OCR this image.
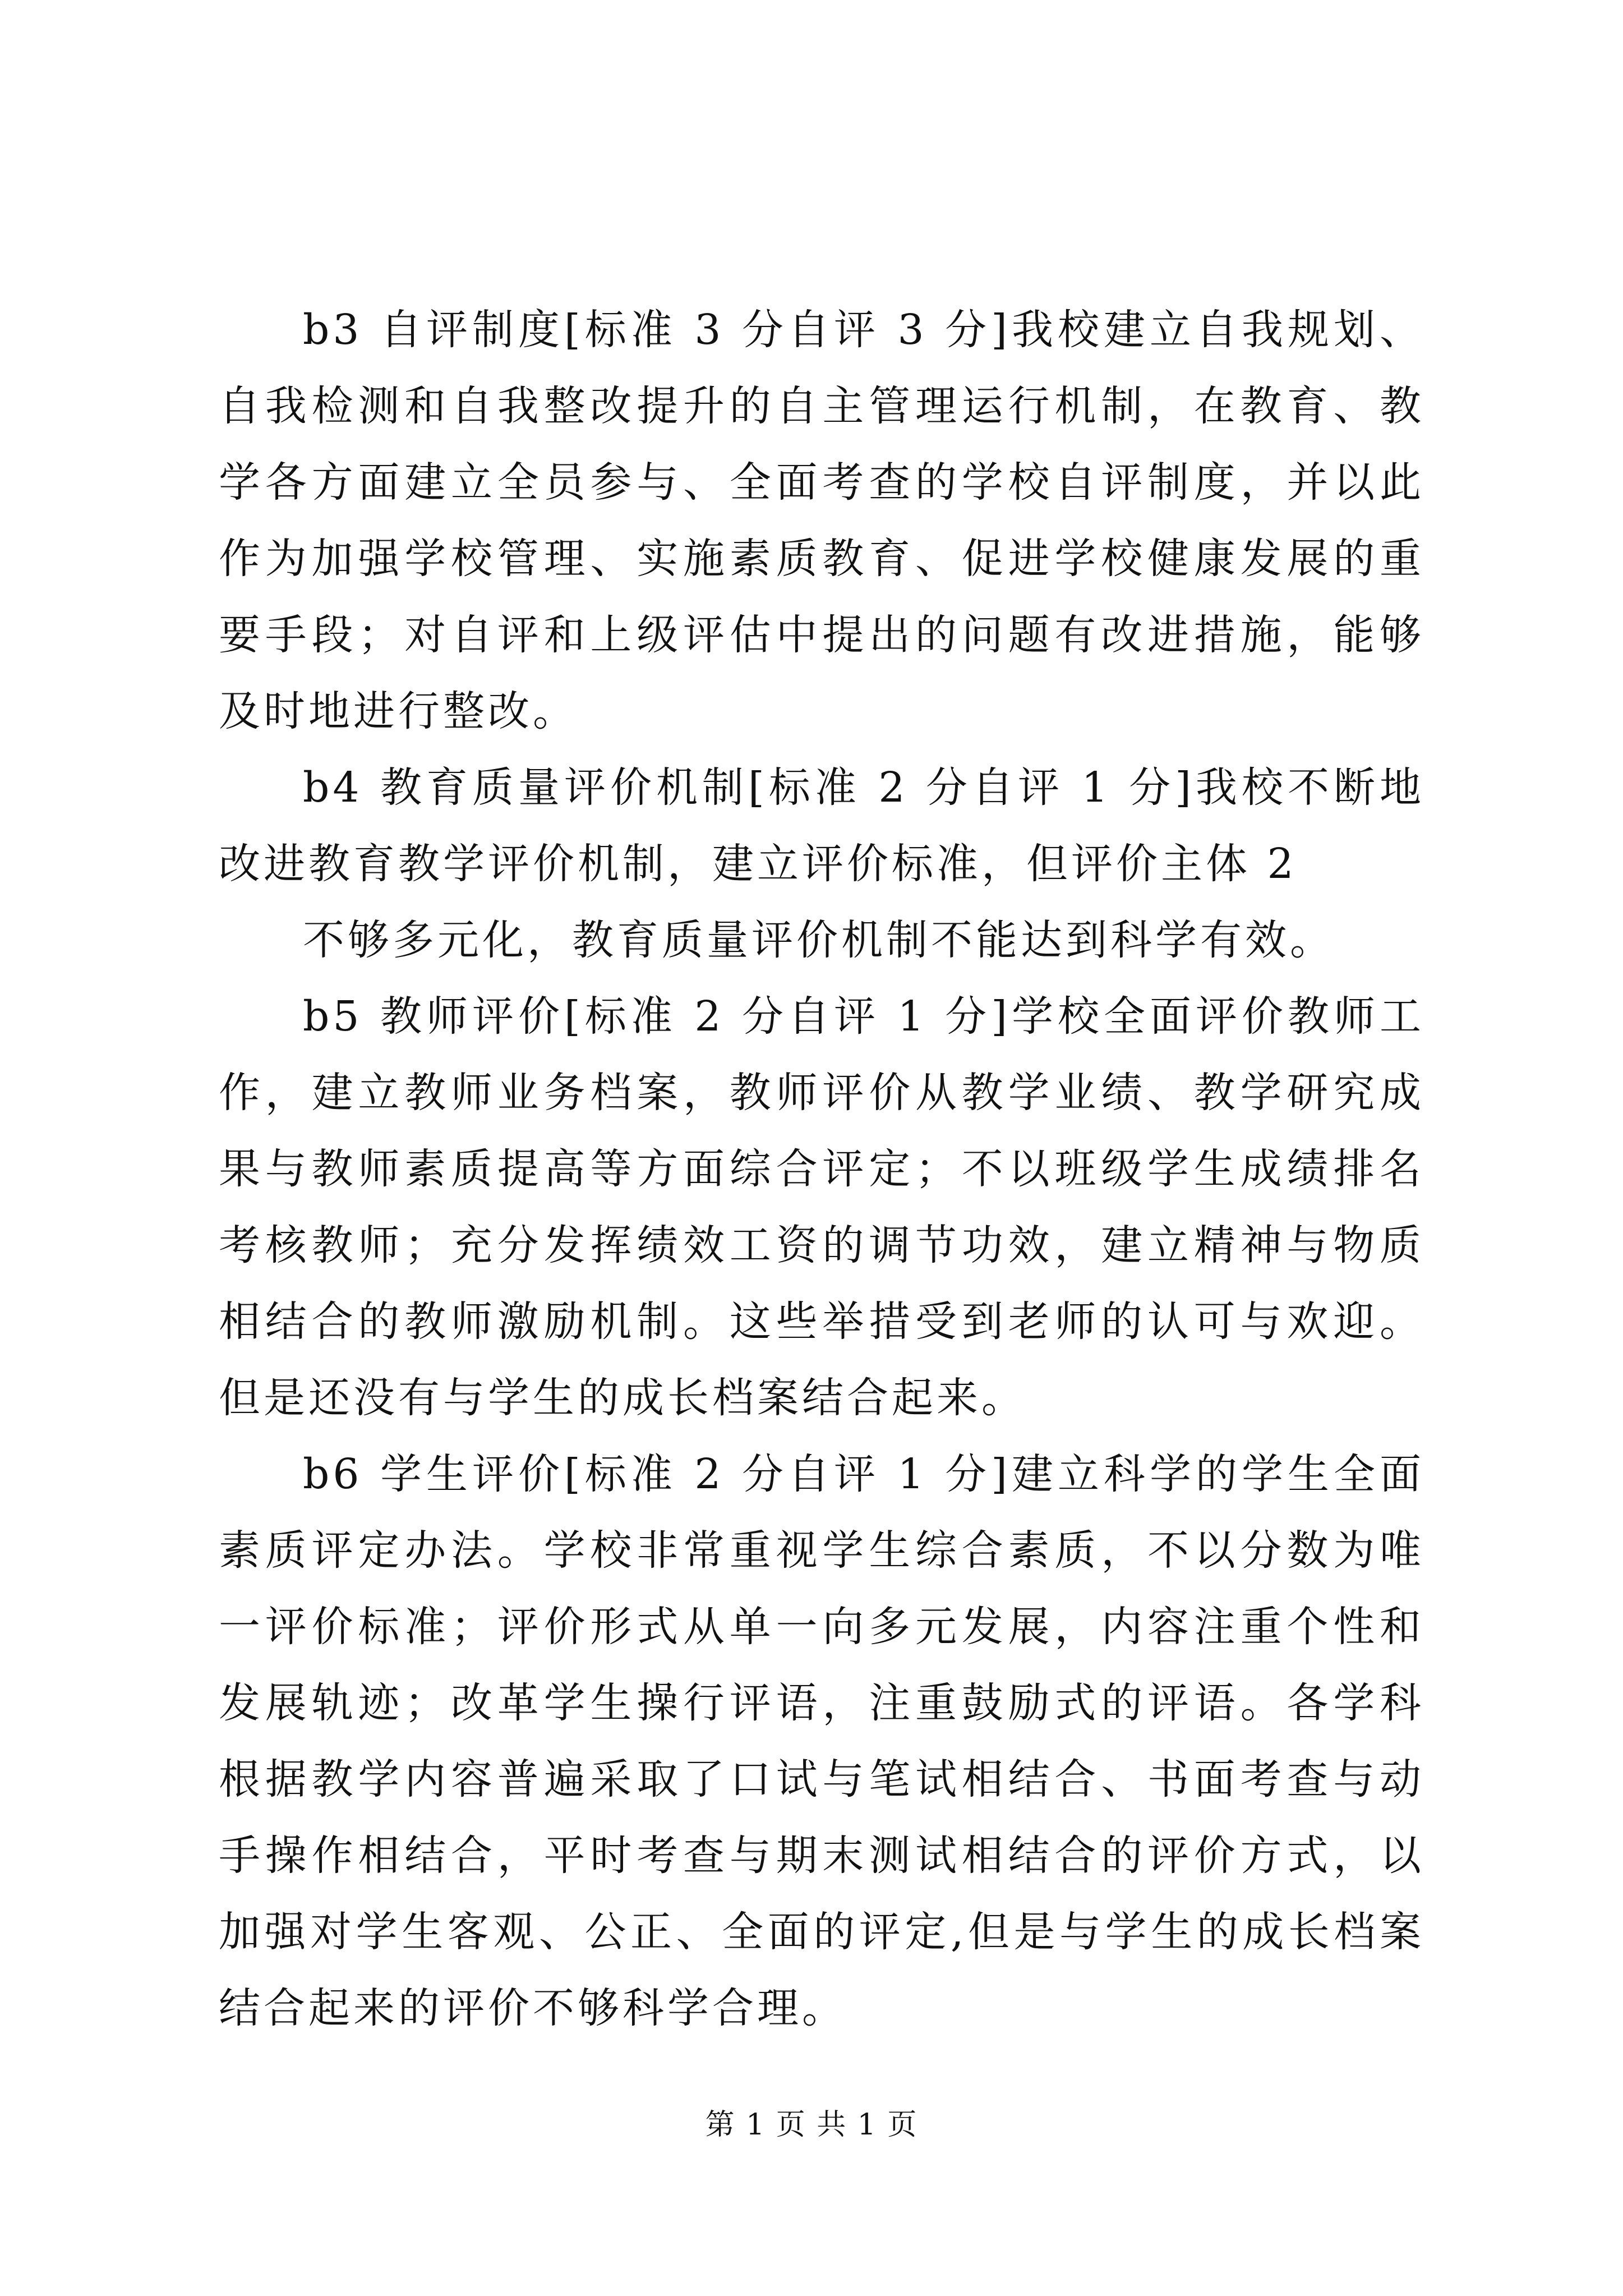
b3 自评制度[标准 3 分自评 3 分]我校建立自我规划、自我检测和自我整改提升的自主管理运行机制，在教育、教学各方面建立全员参与、全面考查的学校自评制度，并以此作为加强学校管理、实施素质教育、促进学校健康发展的重要手段；对自评和上级评估中提出的问题有改进措施，能够及时地进行整改。

b4 教育质量评价机制[标准 2 分自评 1 分]我校不断地改进教育教学评价机制，建立评价标准，但评价主体 2

不够多元化，教育质量评价机制不能达到科学有效。

b5 教师评价[标准 2 分自评 1 分]学校全面评价教师工作，建立教师业务档案，教师评价从教学业绩、教学研究成果与教师素质提高等方面综合评定；不以班级学生成绩排名考核教师；充分发挥绩效工资的调节功效，建立精神与物质相结合的教师激励机制。这些举措受到老师的认可与欢迎。但是还没有与学生的成长档案结合起来。

b6 学生评价[标准 2 分自评 1 分]建立科学的学生全面素质评定办法。学校非常重视学生综合素质，不以分数为唯一评价标准；评价形式从单一向多元发展，内容注重个性和发展轨迹；改革学生操行评语，注重鼓励式的评语。各学科根据教学内容普遍采取了口试与笔试相结合、书面考查与动手操作相结合，平时考查与期末测试相结合的评价方式，以加强对学生客观、公正、全面的评定,但是与学生的成长档案结合起来的评价不够科学合理。

第 1 页 共 1 页
